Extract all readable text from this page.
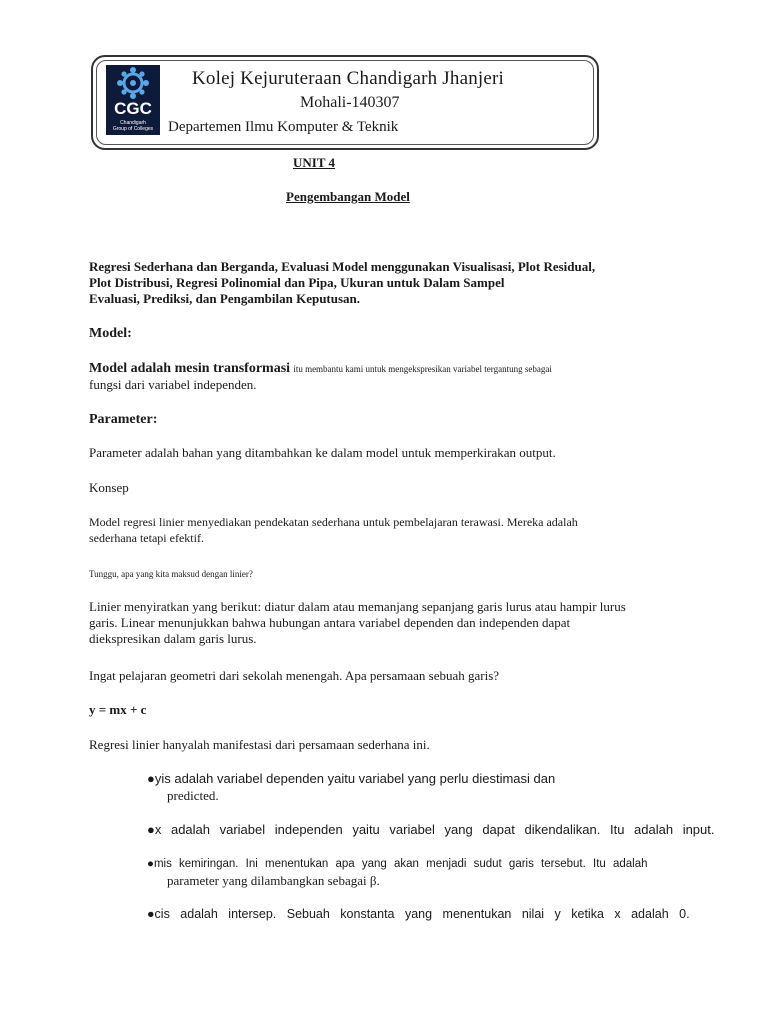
CGC
Chandigarh
Group of Colleges
Kolej Kejuruteraan Chandigarh Jhanjeri
Mohali-140307
Departemen Ilmu Komputer & Teknik
UNIT 4
Pengembangan Model
Regresi Sederhana dan Berganda, Evaluasi Model menggunakan Visualisasi, Plot Residual,
Plot Distribusi, Regresi Polinomial dan Pipa, Ukuran untuk Dalam Sampel
Evaluasi, Prediksi, dan Pengambilan Keputusan.
Model:
Model adalah mesin transformasi itu membantu kami untuk mengekspresikan variabel tergantung sebagai
fungsi dari variabel independen.
Parameter:
Parameter adalah bahan yang ditambahkan ke dalam model untuk memperkirakan output.
Konsep
Model regresi linier menyediakan pendekatan sederhana untuk pembelajaran terawasi. Mereka adalah
sederhana tetapi efektif.
Tunggu, apa yang kita maksud dengan linier?
Linier menyiratkan yang berikut: diatur dalam atau memanjang sepanjang garis lurus atau hampir lurus
garis. Linear menunjukkan bahwa hubungan antara variabel dependen dan independen dapat
diekspresikan dalam garis lurus.
Ingat pelajaran geometri dari sekolah menengah. Apa persamaan sebuah garis?
y = mx + c
Regresi linier hanyalah manifestasi dari persamaan sederhana ini.
●yis adalah variabel dependen yaitu variabel yang perlu diestimasi dan
predicted.
●x adalah variabel independen yaitu variabel yang dapat dikendalikan. Itu adalah input.
●mis kemiringan. Ini menentukan apa yang akan menjadi sudut garis tersebut. Itu adalah
parameter yang dilambangkan sebagai β.
●cis adalah intersep. Sebuah konstanta yang menentukan nilai y ketika x adalah 0.
